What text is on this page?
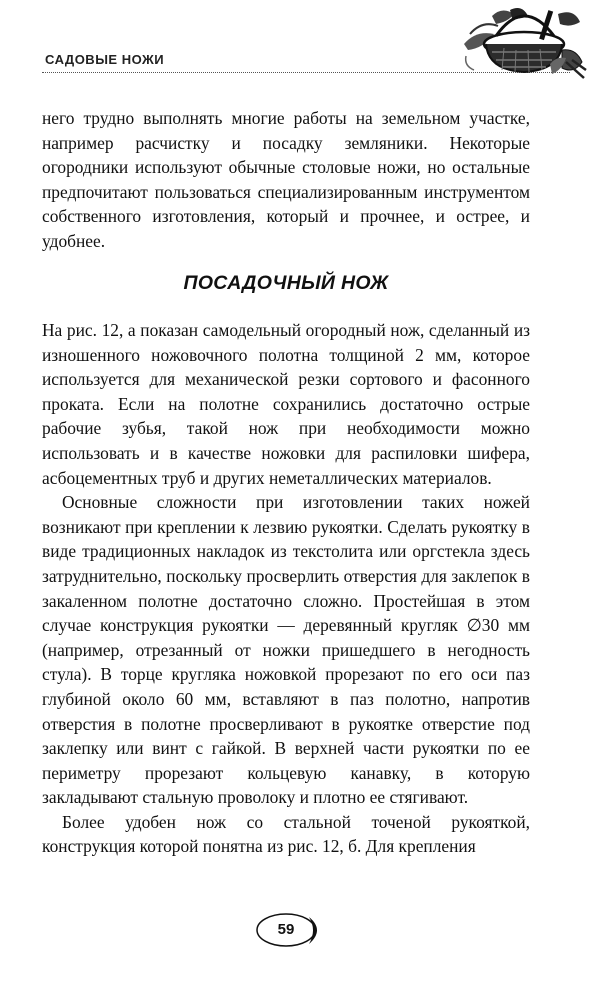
САДОВЫЕ НОЖИ

него трудно выполнять многие работы на земельном участке, например расчистку и посадку земляники. Некоторые огородники используют обычные столовые ножи, но остальные предпочитают пользоваться специализированным инструментом собственного изготовления, который и прочнее, и острее, и удобнее.

ПОСАДОЧНЫЙ НОЖ

На рис. 12, а показан самодельный огородный нож, сделанный из изношенного ножовочного полотна толщиной 2 мм, которое используется для механической резки сортового и фасонного проката. Если на полотне сохранились достаточно острые рабочие зубья, такой нож при необходимости можно использовать и в качестве ножовки для распиловки шифера, асбоцементных труб и других неметаллических материалов.

Основные сложности при изготовлении таких ножей возникают при креплении к лезвию рукоятки. Сделать рукоятку в виде традиционных накладок из текстолита или оргстекла здесь затруднительно, поскольку просверлить отверстия для заклепок в закаленном полотне достаточно сложно. Простейшая в этом случае конструкция рукоятки — деревянный кругляк ∅30 мм (например, отрезанный от ножки пришедшего в негодность стула). В торце кругляка ножовкой прорезают по его оси паз глубиной около 60 мм, вставляют в паз полотно, напротив отверстия в полотне просверливают в рукоятке отверстие под заклепку или винт с гайкой. В верхней части рукоятки по ее периметру прорезают кольцевую канавку, в которую закладывают стальную проволоку и плотно ее стягивают.

Более удобен нож со стальной точеной рукояткой, конструкция которой понятна из рис. 12, б. Для крепления

59
